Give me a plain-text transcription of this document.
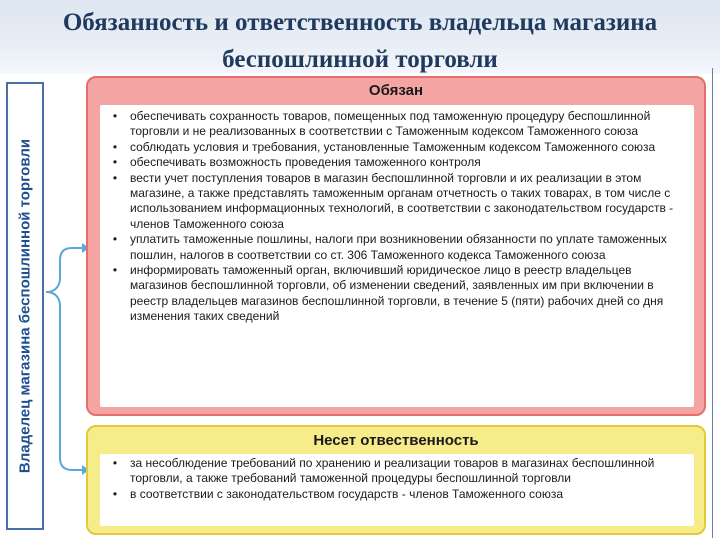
Обязанность и ответственность владельца магазина беспошлинной торговли
Владелец магазина беспошлинной торговли
Обязан
• обеспечивать сохранность товаров, помещенных под таможенную процедуру беспошлинной торговли и не реализованных в соответствии с Таможенным кодексом Таможенного союза
• соблюдать условия и требования, установленные Таможенным кодексом Таможенного союза
• обеспечивать возможность проведения таможенного контроля
• вести учет поступления товаров в магазин беспошлинной торговли и их реализации в этом магазине, а также представлять таможенным органам отчетность о таких товарах, в том числе с использованием информационных технологий, в соответствии с законодательством государств - членов Таможенного союза
• уплатить таможенные пошлины, налоги при возникновении обязанности по уплате таможенных пошлин, налогов в соответствии со ст. 306 Таможенного кодекса Таможенного союза
• информировать таможенный орган, включивший юридическое лицо в реестр владельцев магазинов беспошлинной торговли, об изменении сведений, заявленных им при включении в реестр владельцев магазинов беспошлинной торговли, в течение 5 (пяти) рабочих дней со дня изменения таких сведений
Несет отвественность
• за несоблюдение требований по хранению и реализации товаров в магазинах беспошлинной торговли, а также требований таможенной процедуры беспошлинной торговли
• в соответствии с законодательством государств - членов Таможенного союза
